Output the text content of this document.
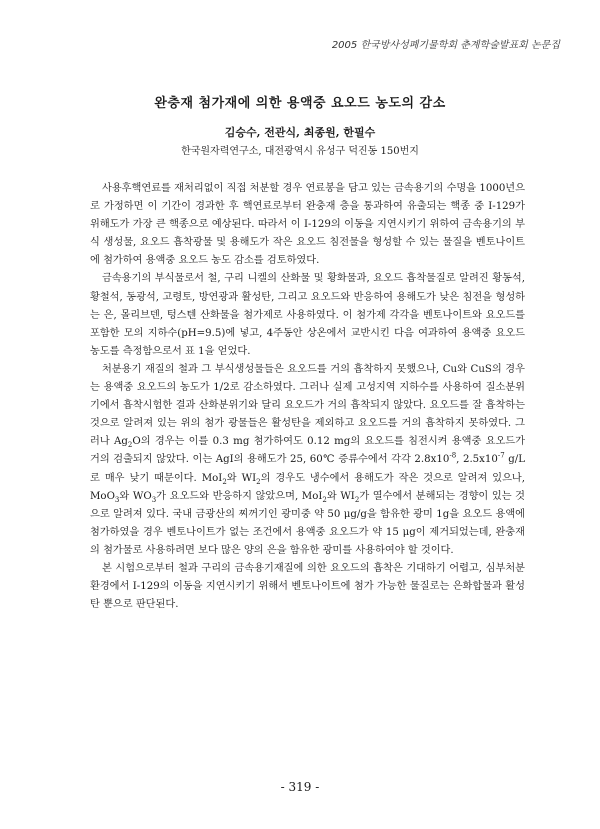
2005 한국방사성폐기물학회 춘계학술발표회 논문집
완충재 첨가재에 의한 용액중 요오드 농도의 감소
김승수, 전관식, 최종원, 한필수
한국원자력연구소, 대전광역시 유성구 덕진동 150번지

사용후핵연료를 재처리없이 직접 처분할 경우 연료봉을 담고 있는 금속용기의 수명을 1000년으로 가정하면 이 기간이 경과한 후 핵연료로부터 완충재 층을 통과하여 유출되는 핵종 중 I-129가 위해도가 가장 큰 핵종으로 예상된다. 따라서 이 I-129의 이동을 지연시키기 위하여 금속용기의 부식 생성물, 요오드 흡착광물 및 용해도가 작은 요오드 침전물을 형성할 수 있는 물질을 벤토나이트에 첨가하여 용액중 요오드 농도 감소를 검토하였다.

금속용기의 부식물로서 철, 구리 니켈의 산화물 및 황화물과, 요오드 흡착물질로 알려진 황동석, 황철석, 동광석, 고령토, 방연광과 활성탄, 그리고 요오드와 반응하여 용해도가 낮은 침전을 형성하는 은, 몰리브덴, 텅스텐 산화물을 첨가제로 사용하였다. 이 첨가제 각각을 벤토나이트와 요오드를 포함한 모의 지하수(pH=9.5)에 넣고, 4주동안 상온에서 교반시킨 다음 여과하여 용액중 요오드 농도를 측정함으로서 표 1을 얻었다.

처분용기 재질의 철과 그 부식생성물들은 요오드를 거의 흡착하지 못했으나, Cu와 CuS의 경우는 용액중 요오드의 농도가 1/2로 감소하였다. 그러나 실제 고성지역 지하수를 사용하여 질소분위기에서 흡착시험한 결과 산화분위기와 달리 요오드가 거의 흡착되지 않았다. 요오드를 잘 흡착하는 것으로 알려져 있는 위의 첨가 광물들은 활성탄을 제외하고 요오드를 거의 흡착하지 못하였다. 그러나 $Ag_2O$의 경우는 이를 0.3 mg 첨가하여도 0.12 mg의 요오드를 침전시켜 용액중 요오드가 거의 검출되지 않았다. 이는 AgI의 용해도가 25, 60℃ 증류수에서 각각 $2.8x10^{-8}$, $2.5x10^{-7}$ g/L로 매우 낮기 때문이다. MoI$_2$와 $WI_2$의 경우도 냉수에서 용해도가 작은 것으로 알려져 있으나, MoO$_3$와 $WO_3$가 요오드와 반응하지 않았으며, MoI$_2$와 $WI_2$가 열수에서 분해되는 경향이 있는 것으로 알려져 있다. 국내 금광산의 찌꺼기인 광미중 약 50 μg/g을 함유한 광미 1g을 요오드 용액에 첨가하였을 경우 벤토나이트가 없는 조건에서 용액중 요오드가 약 15 μg이 제거되었는데, 완충재의 첨가물로 사용하려면 보다 많은 양의 은을 함유한 광미를 사용하여야 할 것이다.

본 시험으로부터 철과 구리의 금속용기재질에 의한 요오드의 흡착은 기대하기 어렵고, 심부처분환경에서 I-129의 이동을 지연시키기 위해서 벤토나이트에 첨가 가능한 물질로는 은화합물과 활성탄 뿐으로 판단된다.

- 319 -
